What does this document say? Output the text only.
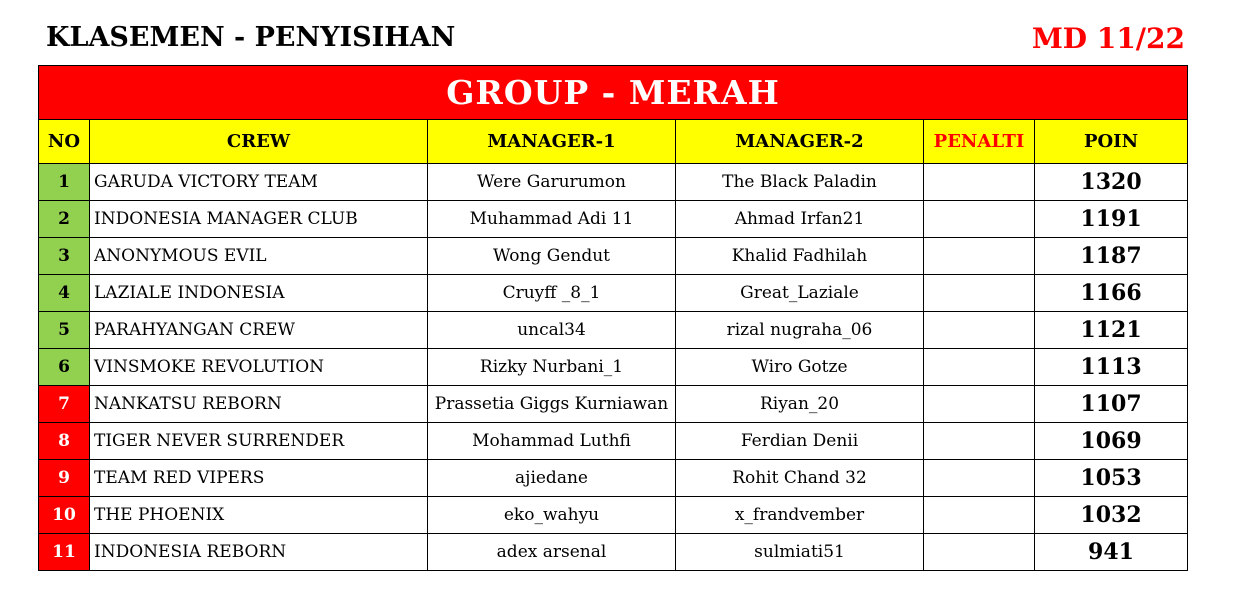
KLASEMEN - PENYISIHAN	MD 11/22
GROUP - MERAH					
NO	CREW	MANAGER-1	MANAGER-2	PENALTI	POIN
1	GARUDA VICTORY TEAM	Were Garurumon	The Black Paladin		1320
2	INDONESIA MANAGER CLUB	Muhammad Adi 11	Ahmad Irfan21		1191
3	ANONYMOUS EVIL	Wong Gendut	Khalid Fadhilah		1187
4	LAZIALE INDONESIA	Cruyff _8_1	Great_Laziale		1166
5	PARAHYANGAN CREW	uncal34	rizal nugraha_06		1121
6	VINSMOKE REVOLUTION	Rizky Nurbani_1	Wiro Gotze		1113
7	NANKATSU REBORN	Prassetia Giggs Kurniawan	Riyan_20		1107
8	TIGER NEVER SURRENDER	Mohammad Luthfi	Ferdian Denii		1069
9	TEAM RED VIPERS	ajiedane	Rohit Chand 32		1053
10	THE PHOENIX	eko_wahyu	x_frandvember		1032
11	INDONESIA REBORN	adex arsenal	sulmiati51		941
